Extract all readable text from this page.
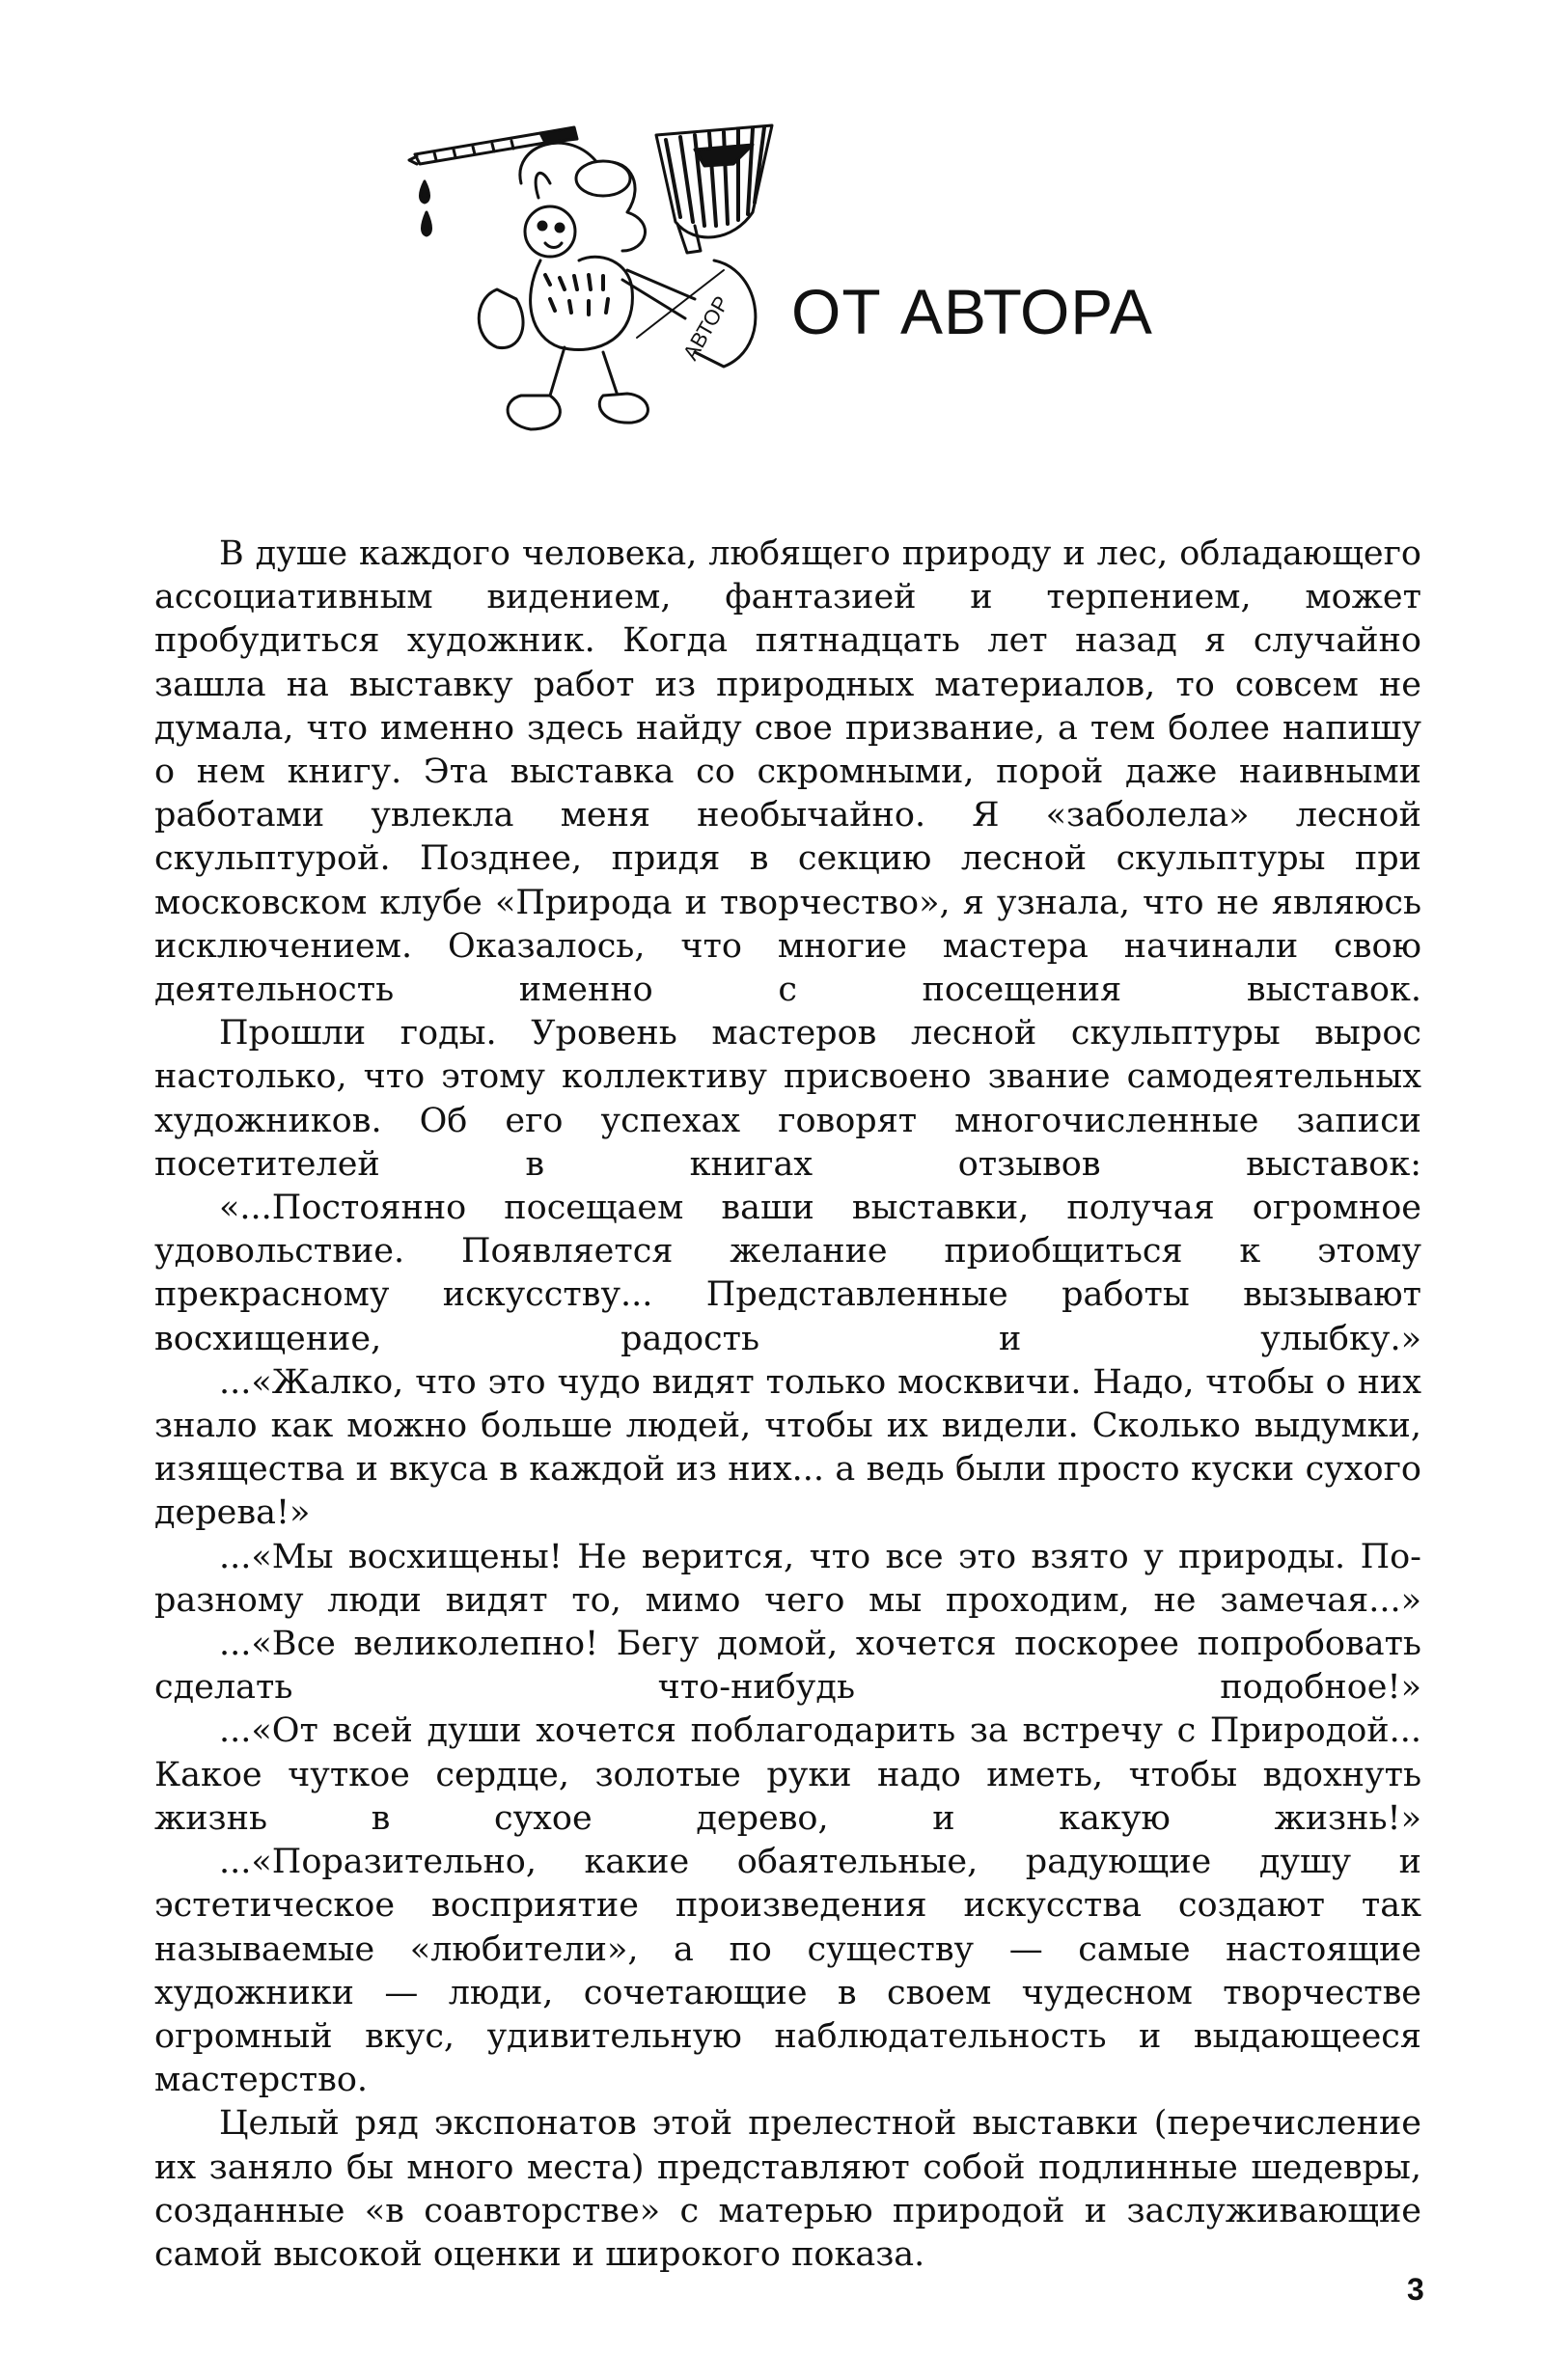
АВТОР ОТ АВТОРА

В душе каждого человека, любящего природу и лес, обладающего ассоциативным видением, фантазией и терпением, может пробудиться художник. Когда пятнадцать лет назад я случайно зашла на выставку работ из природных материалов, то совсем не думала, что именно здесь найду свое призвание, а тем более напишу о нем книгу. Эта выставка со скромными, порой даже наивными работами увлекла меня необычайно. Я «заболела» лесной скульптурой. Позднее, придя в секцию лесной скульптуры при московском клубе «Природа и творчество», я узнала, что не являюсь исключением. Оказалось, что многие мастера начинали свою деятельность именно с посещения выставок.

Прошли годы. Уровень мастеров лесной скульптуры вырос настолько, что этому коллективу присвоено звание самодеятельных художников. Об его успехах говорят многочисленные записи посетителей в книгах отзывов выставок:

«...Постоянно посещаем ваши выставки, получая огромное удовольствие. Появляется желание приобщиться к этому прекрасному искусству... Представленные работы вызывают восхищение, радость и улыбку.»

...«Жалко, что это чудо видят только москвичи. Надо, чтобы о них знало как можно больше людей, чтобы их видели. Сколько выдумки, изящества и вкуса в каждой из них... а ведь были просто куски сухого дерева!»

...«Мы восхищены! Не верится, что все это взято у природы. По-разному люди видят то, мимо чего мы проходим, не замечая...»

...«Все великолепно! Бегу домой, хочется поскорее попробовать сделать что-нибудь подобное!»

...«От всей души хочется поблагодарить за встречу с Природой... Какое чуткое сердце, золотые руки надо иметь, чтобы вдохнуть жизнь в сухое дерево, и какую жизнь!»

...«Поразительно, какие обаятельные, радующие душу и эстетическое восприятие произведения искусства создают так называемые «любители», а по существу — самые настоящие художники — люди, сочетающие в своем чудесном творчестве огромный вкус, удивительную наблюдательность и выдающееся мастерство.

Целый ряд экспонатов этой прелестной выставки (перечисление их заняло бы много места) представляют собой подлинные шедевры, созданные «в соавторстве» с матерью природой и заслуживающие самой высокой оценки и широкого показа.

3
